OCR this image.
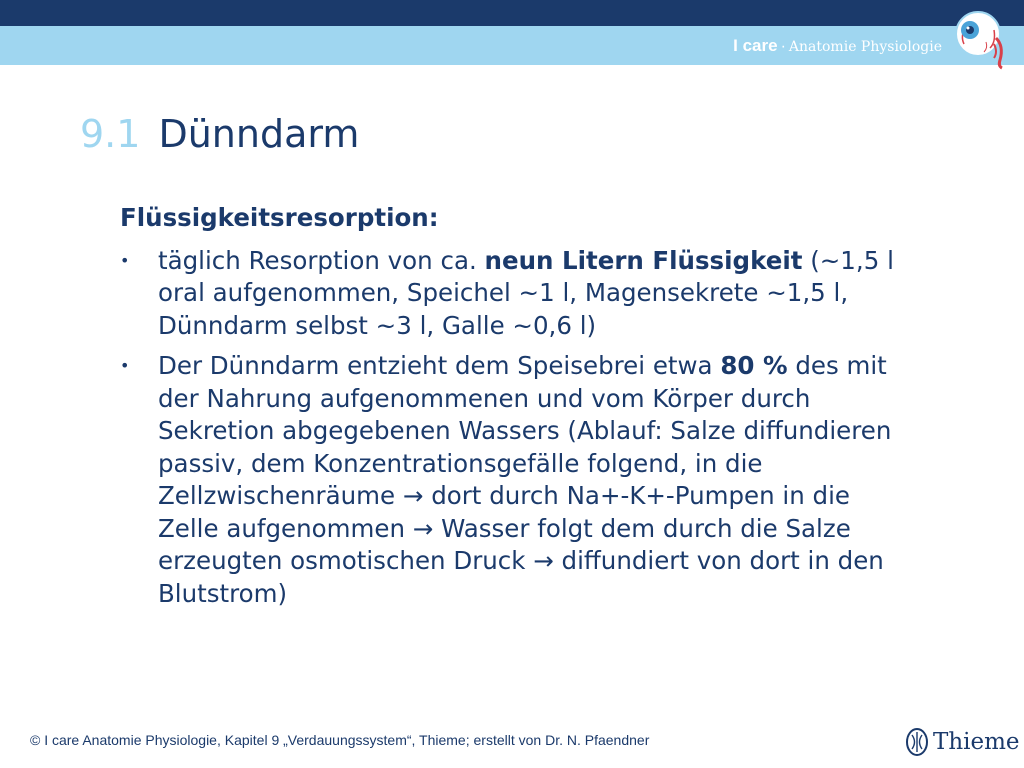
I care · Anatomie Physiologie
9.1 Dünndarm
Flüssigkeitsresorption:
• täglich Resorption von ca. neun Litern Flüssigkeit (~1,5 l oral aufgenommen, Speichel ~1 l, Magensekrete ~1,5 l, Dünndarm selbst ~3 l, Galle ~0,6 l)
• Der Dünndarm entzieht dem Speisebrei etwa 80 % des mit der Nahrung aufgenommenen und vom Körper durch Sekretion abgegebenen Wassers (Ablauf: Salze diffundieren passiv, dem Konzentrationsgefälle folgend, in die Zellzwischenräume → dort durch Na+-K+-Pumpen in die Zelle aufgenommen → Wasser folgt dem durch die Salze erzeugten osmotischen Druck → diffundiert von dort in den Blutstrom)
© I care Anatomie Physiologie, Kapitel 9 „Verdauungssystem“, Thieme; erstellt von Dr. N. Pfaendner	Thieme
